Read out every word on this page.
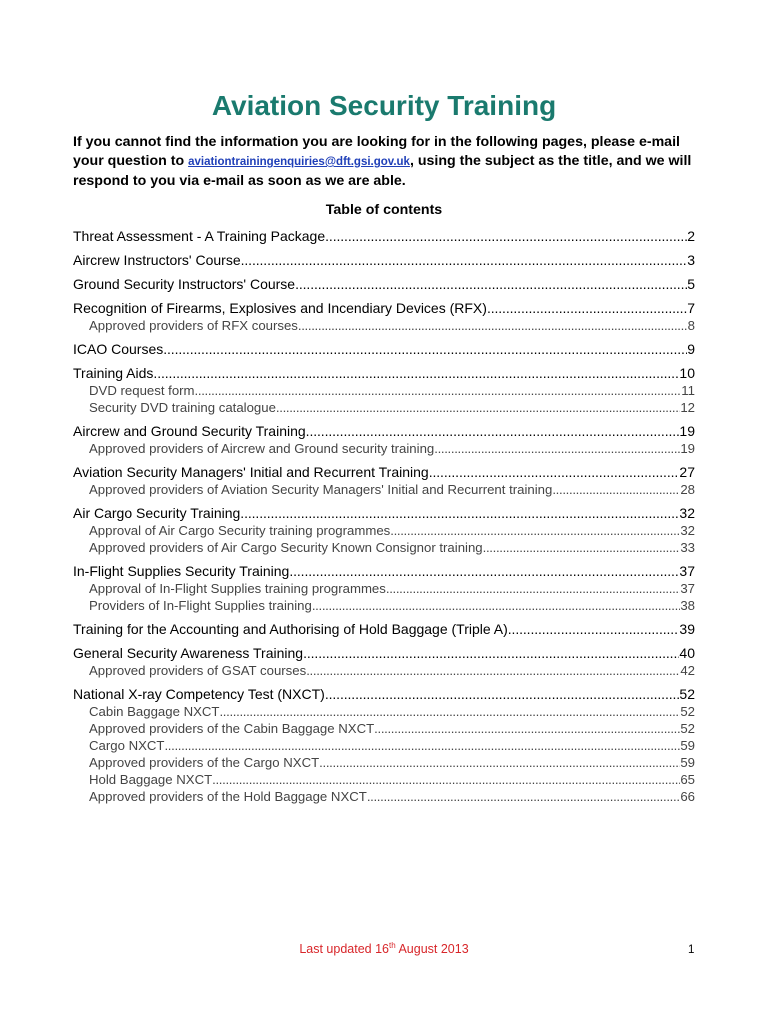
Aviation Security Training

If you cannot find the information you are looking for in the following pages, please e-mail your question to aviationtrainingenquiries@dft.gsi.gov.uk, using the subject as the title, and we will respond to you via e-mail as soon as we are able.

Table of contents
Threat Assessment - A Training Package . . .	2
Aircrew Instructors' Course . . .	3
Ground Security Instructors' Course . . .	5
Recognition of Firearms, Explosives and Incendiary Devices (RFX) . . .	7
Approved providers of RFX courses . . .	8
ICAO Courses . . .	9
Training Aids . . .	10
DVD request form . . .	11
Security DVD training catalogue . . .	12
Aircrew and Ground Security Training . . .	19
Approved providers of Aircrew and Ground security training . . .	19
Aviation Security Managers' Initial and Recurrent Training . . .	27
Approved providers of Aviation Security Managers' Initial and Recurrent training . . .	28
Air Cargo Security Training . . .	32
Approval of Air Cargo Security training programmes . . .	32
Approved providers of Air Cargo Security Known Consignor training . . .	33
In-Flight Supplies Security Training . . .	37
Approval of In-Flight Supplies training programmes . . .	37
Providers of In-Flight Supplies training . . .	38
Training for the Accounting and Authorising of Hold Baggage (Triple A) . . .	39
General Security Awareness Training . . .	40
Approved providers of GSAT courses . . .	42
National X-ray Competency Test (NXCT) . . .	52
Cabin Baggage NXCT . . .	52
Approved providers of the Cabin Baggage NXCT . . .	52
Cargo NXCT . . .	59
Approved providers of the Cargo NXCT . . .	59
Hold Baggage NXCT . . .	65
Approved providers of the Hold Baggage NXCT . . .	66
Last updated 16th August 2013	1
